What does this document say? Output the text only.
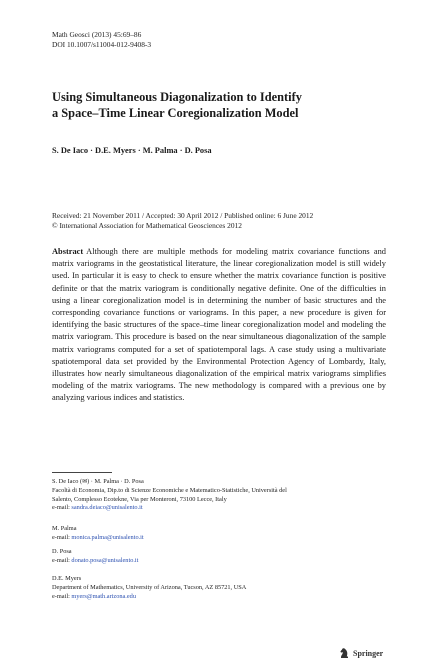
Math Geosci (2013) 45:69–86
DOI 10.1007/s11004-012-9408-3
Using Simultaneous Diagonalization to Identify
a Space–Time Linear Coregionalization Model
S. De Iaco · D.E. Myers · M. Palma · D. Posa
Received: 21 November 2011 / Accepted: 30 April 2012 / Published online: 6 June 2012
© International Association for Mathematical Geosciences 2012
Abstract Although there are multiple methods for modeling matrix covariance functions and matrix variograms in the geostatistical literature, the linear coregionalization model is still widely used. In particular it is easy to check to ensure whether the matrix covariance function is positive definite or that the matrix variogram is conditionally negative definite. One of the difficulties in using a linear coregionalization model is in determining the number of basic structures and the corresponding covariance functions or variograms. In this paper, a new procedure is given for identifying the basic structures of the space–time linear coregionalization model and modeling the matrix variogram. This procedure is based on the near simultaneous diagonalization of the sample matrix variograms computed for a set of spatiotemporal lags. A case study using a multivariate spatiotemporal data set provided by the Environmental Protection Agency of Lombardy, Italy, illustrates how nearly simultaneous diagonalization of the empirical matrix variograms simplifies modeling of the matrix variograms. The new methodology is compared with a previous one by analyzing various indices and statistics.
S. De Iaco (✉) · M. Palma · D. Posa
Facoltà di Economia, Dip.to di Scienze Economiche e Matematico-Statistiche, Università del
Salento, Complesso Ecotekne, Via per Monteroni, 73100 Lecce, Italy
e-mail: sandra.deiaco@unisalento.it
M. Palma
e-mail: monica.palma@unisalento.it
D. Posa
e-mail: donato.posa@unisalento.it
D.E. Myers
Department of Mathematics, University of Arizona, Tucson, AZ 85721, USA
e-mail: myers@math.arizona.edu
Springer
